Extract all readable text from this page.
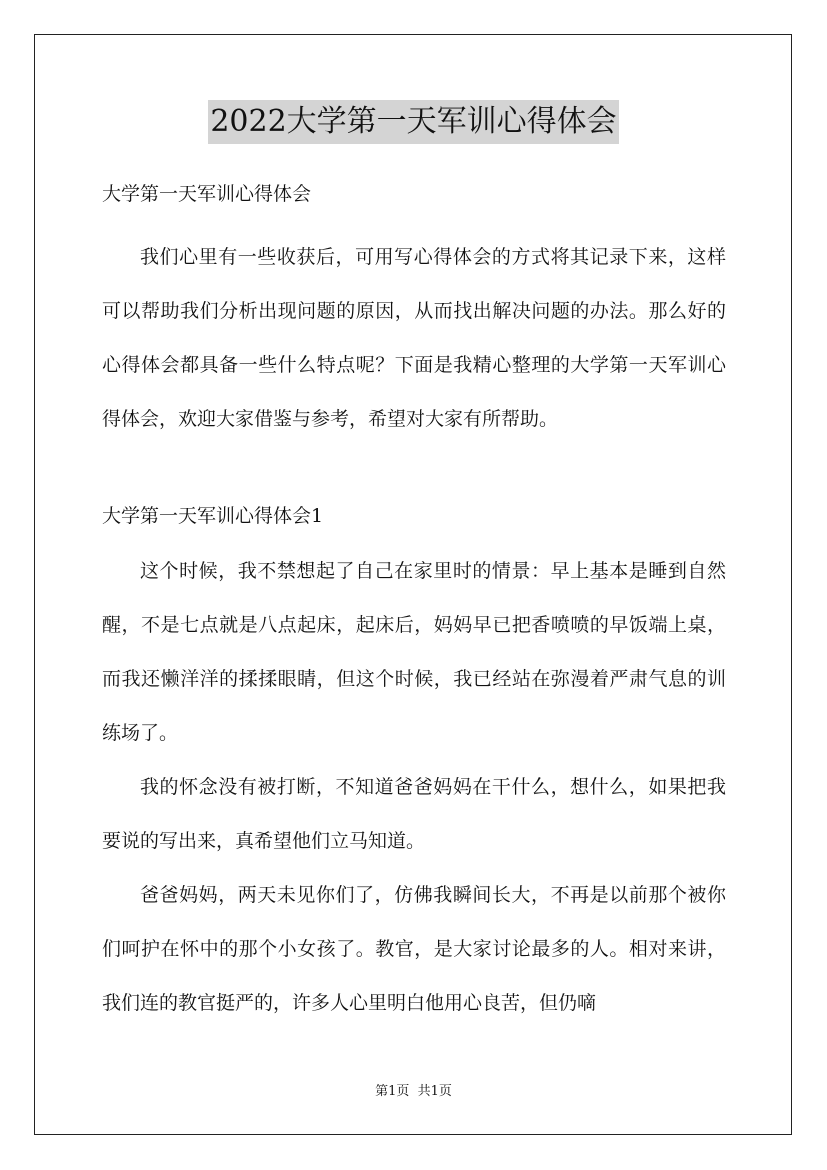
2022大学第一天军训心得体会

大学第一天军训心得体会

我们心里有一些收获后，可用写心得体会的方式将其记录下来，这样可以帮助我们分析出现问题的原因，从而找出解决问题的办法。那么好的心得体会都具备一些什么特点呢？下面是我精心整理的大学第一天军训心得体会，欢迎大家借鉴与参考，希望对大家有所帮助。

大学第一天军训心得体会1

这个时候，我不禁想起了自己在家里时的情景：早上基本是睡到自然醒，不是七点就是八点起床，起床后，妈妈早已把香喷喷的早饭端上桌，而我还懒洋洋的揉揉眼睛，但这个时候，我已经站在弥漫着严肃气息的训练场了。

我的怀念没有被打断，不知道爸爸妈妈在干什么，想什么，如果把我要说的写出来，真希望他们立马知道。

爸爸妈妈，两天未见你们了，仿佛我瞬间长大，不再是以前那个被你们呵护在怀中的那个小女孩了。教官，是大家讨论最多的人。相对来讲，我们连的教官挺严的，许多人心里明白他用心良苦，但仍嘀

第1页  共1页
